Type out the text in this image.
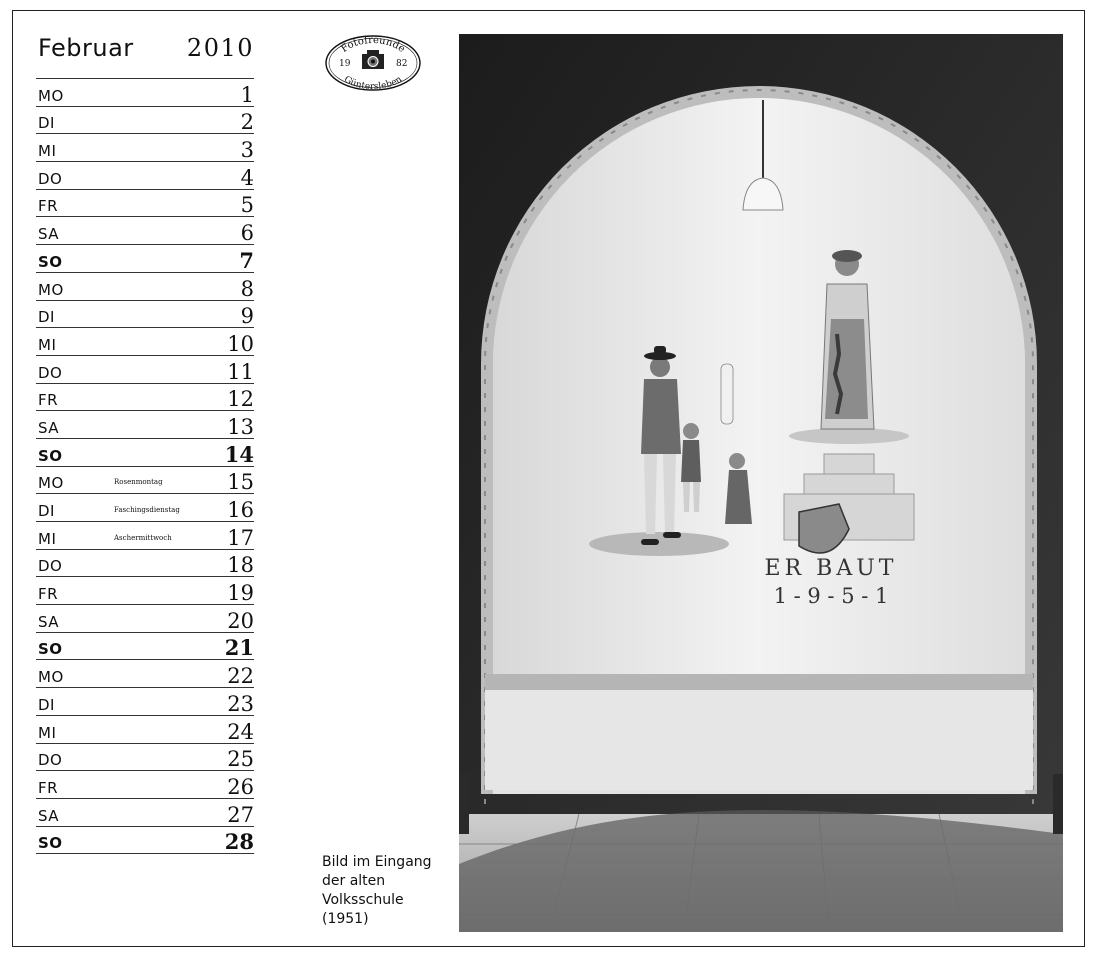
Februar 2010
MO	1
DI	2
MI	3
DO	4
FR	5
SA	6
SO	7
MO	8
DI	9
MI	10
DO	11
FR	12
SA	13
SO	14
MO	Rosenmontag	15
DI	Faschingsdienstag 16
MI	Aschermittwoch	17
DO	18
FR	19
SA	20
SO	21
MO	22
DI	23
MI	24
DO	25
FR	26
SA	27
SO	28
Fotofreunde
Güntersleben
19	82
Bild im Eingang
der alten
Volksschule
(1951)
ER BAUT
1 - 9 - 5 - 1
